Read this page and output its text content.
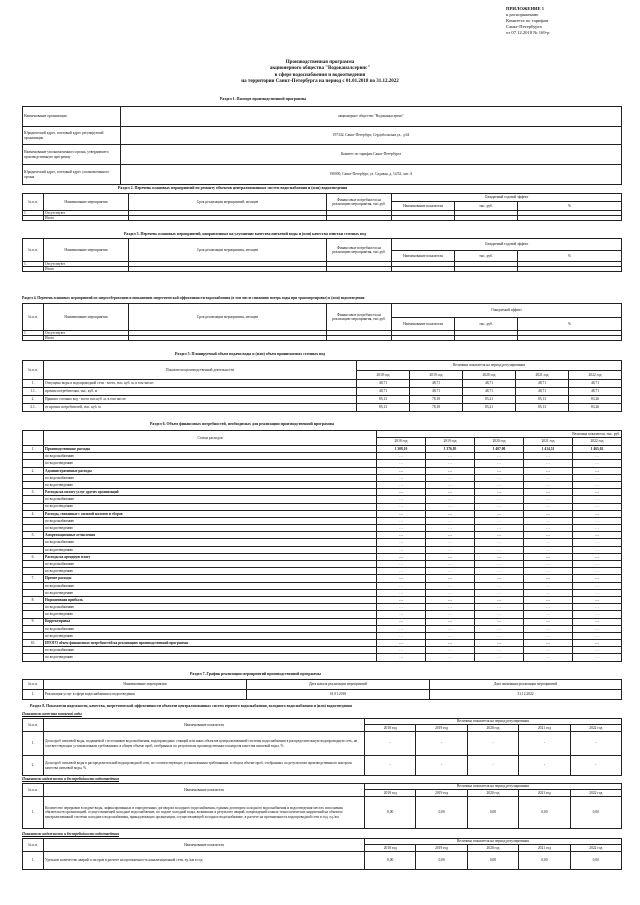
ПРИЛОЖЕНИЕ 1
к распоряжению
Комитета по тарифам
Санкт-Петербурга
от 07.12.2018 № 169-р
Производственная программа
акционерного общества "Водоканалсервис"
в сфере водоснабжения и водоотведения
на территории Санкт-Петербурга на период с 01.01.2018 по 31.12.2022
Раздел 1. Паспорт производственной программы
Наименование организации	акционерное общество "Водоканалсервис"
Юридический адрес, почтовый адрес регулируемой организации	197342, Санкт-Петербург, Сердобольская ул., д.64
Наименование уполномоченного органа, утвердившего производственную программу	Комитет по тарифам Санкт-Петербурга
Юридический адрес, почтовый адрес уполномоченного органа	190000, Санкт-Петербург, ул. Садовая, д. 14/52, лит. А
Раздел 2. Перечень плановых мероприятий по ремонту объектов централизованных систем водоснабжения и (или) водоотведения
№ п.п.	Наименование мероприятия	Срок реализации мероприятий, месяцев	Финансовые потребности на реализацию мероприятия, тыс.руб.	Ожидаемый годовой эффект		
				Наименование показателя	тыс. руб.	%
1	Отсутствуют					
	Итого					
Раздел 3. Перечень плановых мероприятий, направленных на улучшение качества питьевой воды и (или) качества очистки сточных вод
№ п.п.	Наименование мероприятия	Срок реализации мероприятия, месяцев	Финансовые потребности на реализацию мероприятия, тыс.руб.	Ожидаемый годовой эффект		
				Наименование показателя	тыс. руб.	%
1.	Отсутствуют					
	Итого					
Раздел 4. Перечень плановых мероприятий по энергосбережению и повышению энергетической эффективности водоснабжения (в том числе снижению потерь воды при транспортировке) и (или) водоотведения
№ п.п.	Наименование мероприятия	Срок реализации мероприятия, месяцев	Финансовые потребности на реализацию мероприятия, тыс.руб.	Ожидаемый эффект		
				Наименование показателя	тыс. руб.	%
1	Отсутствуют					
	Итого					
Раздел 5. Планируемый объем подачи воды и (или) объем принимаемых сточных вод
№ п.п.	Показатели производственной деятельности	Величина показателя на период регулирования				
		2018 год	2019 год	2020 год	2021 год	2022 год
1.	Отпущено воды в водопроводной сети - всего, тыс. куб. м, в том числе:	48,71	48,71	48,71	48,71	48,71
1.1.	прочим потребителям, тыс. куб. м	48,71	48,71	48,71	48,71	48,71
2.	Принято сточных вод - всего тыс.куб. м, в том числе:	85,13	78,18	83,21	85,13	83,26
2.1.	от прочих потребителей, тыс. куб. м	85,13	78,18	83,21	85,13	83,26
Раздел 6. Объем финансовых потребностей, необходимых для реализации производственной программы
	Статьи расходов	Величина показателя, тыс. руб.				
		2018 год	2019 год	2020 год	2021 год	2022 год
1.	Производственные расходы	1 308,10	1 376,05	1 407,00	1 414,51	1 465,02
	по водоснабжению	…	…	…	…	…
	по водоотведению	…	…	…	…	…
2.	Административные расходы	…	…	…	…	…
	по водоснабжению	…	…	…	…	…
	по водоотведению	…	…	…	…	…
3.	Расходы на оплату услуг других организаций	…	…	…	…	…
	по водоснабжению	…	…	…	…	…
	по водоотведению	…	…	…	…	…
4.	Расходы, связанные с оплатой налогов и сборов	…	…	…	…	…
	по водоснабжению	…	…	…	…	…
	по водоотведению	…	…	…	…	…
5.	Амортизационные отчисления	…	…	…	…	…
	по водоснабжению	…	…	…	…	…
	по водоотведению	…	…	…	…	…
6.	Расходы на арендную плату	…	…	…	…	…
	по водоснабжению	…	…	…	…	…
	по водоотведению	…	…	…	…	…
7.	Прочие расходы	…	…	…	…	…
	по водоснабжению	…	…	…	…	…
	по водоотведению	…	…	…	…	…
8.	Нормативная прибыль	…	…	…	…	…
	по водоснабжению	…	…	…	…	…
	по водоотведению	…	…	…	…	…
9.	Корректировка	…	…	…	…	…
	по водоснабжению	…	…	…	…	…
	по водоотведению	…	…	…	…	…
10.	ИТОГО объем финансовых потребностей на реализацию производственной программы	…	…	…	…	…
	по водоснабжению	…	…	…	…	…
	по водоотведению	…	…	…	…	…
Раздел 7. График реализации мероприятий производственной программы
№ п.п.	Наименование мероприятия	Дата начала реализации мероприятий	Дата окончания реализации мероприятий
1.	Реализация услуг в сфере водоснабжения и водоотведения	01.01.2018	31.12.2022
Раздел 8. Показатели надежности, качества, энергетической эффективности объектов централизованных систем горячего водоснабжения, холодного водоснабжения и (или) водоотведения
Показатели качества питьевой воды
№ п.п.	Наименование показателя	Величина показателя на период регулирования				
		2018 год	2019 год	2020 год	2021 год	2022 год
1.	Доля проб питьевой воды, подаваемой с источников водоснабжения, водопроводных станций или иных объектов централизованной системы водоснабжения в распределительную водопроводную сеть, не соответствующих установленным требованиям, в общем объеме проб, отобранных по результатам производственного контроля качества питьевой воды, %	-	-	-	-	-
2.	Доля проб питьевой воды в распределительной водопроводной сети, не соответствующих установленным требованиям, в общем объеме проб, отобранных по результатам производственного контроля качества питьевой воды, %	-	-	-	-	-
Показатели надежности и бесперебойности водоотведения
№ п.п.	Наименование показателя	Величина показателя на период регулирования				
		2018 год	2019 год	2020 год	2021 год	2022 год
1.	Количество перерывов в подаче воды, зафиксированных в определенных договором холодного водоснабжения, единым договором холодного водоснабжения и водоотведения местах исполнения обязательств организацией, осуществляющей холодное водоснабжение, по подаче холодной воды, возникших в результате аварий, повреждений и иных технологических нарушений на объектах централизованной системы холодного водоснабжения, принадлежащих организации, осуществляющей холодное водоснабжение, в расчете на протяженность водопроводной сети в год, ед./км	0,00	0,00	0,00	0,00	0,00
Показатели надежности и бесперебойности водоотведения
№ п.п.	Наименование показателя	Величина показателя на период регулирования				
		2018 год	2019 год	2020 год	2021 год	2022 год
1.	Удельное количество аварий и засоров в расчете на протяженность канализационной сети, ед./км в год	0,00	0,00	0,00	0,00	0,00
